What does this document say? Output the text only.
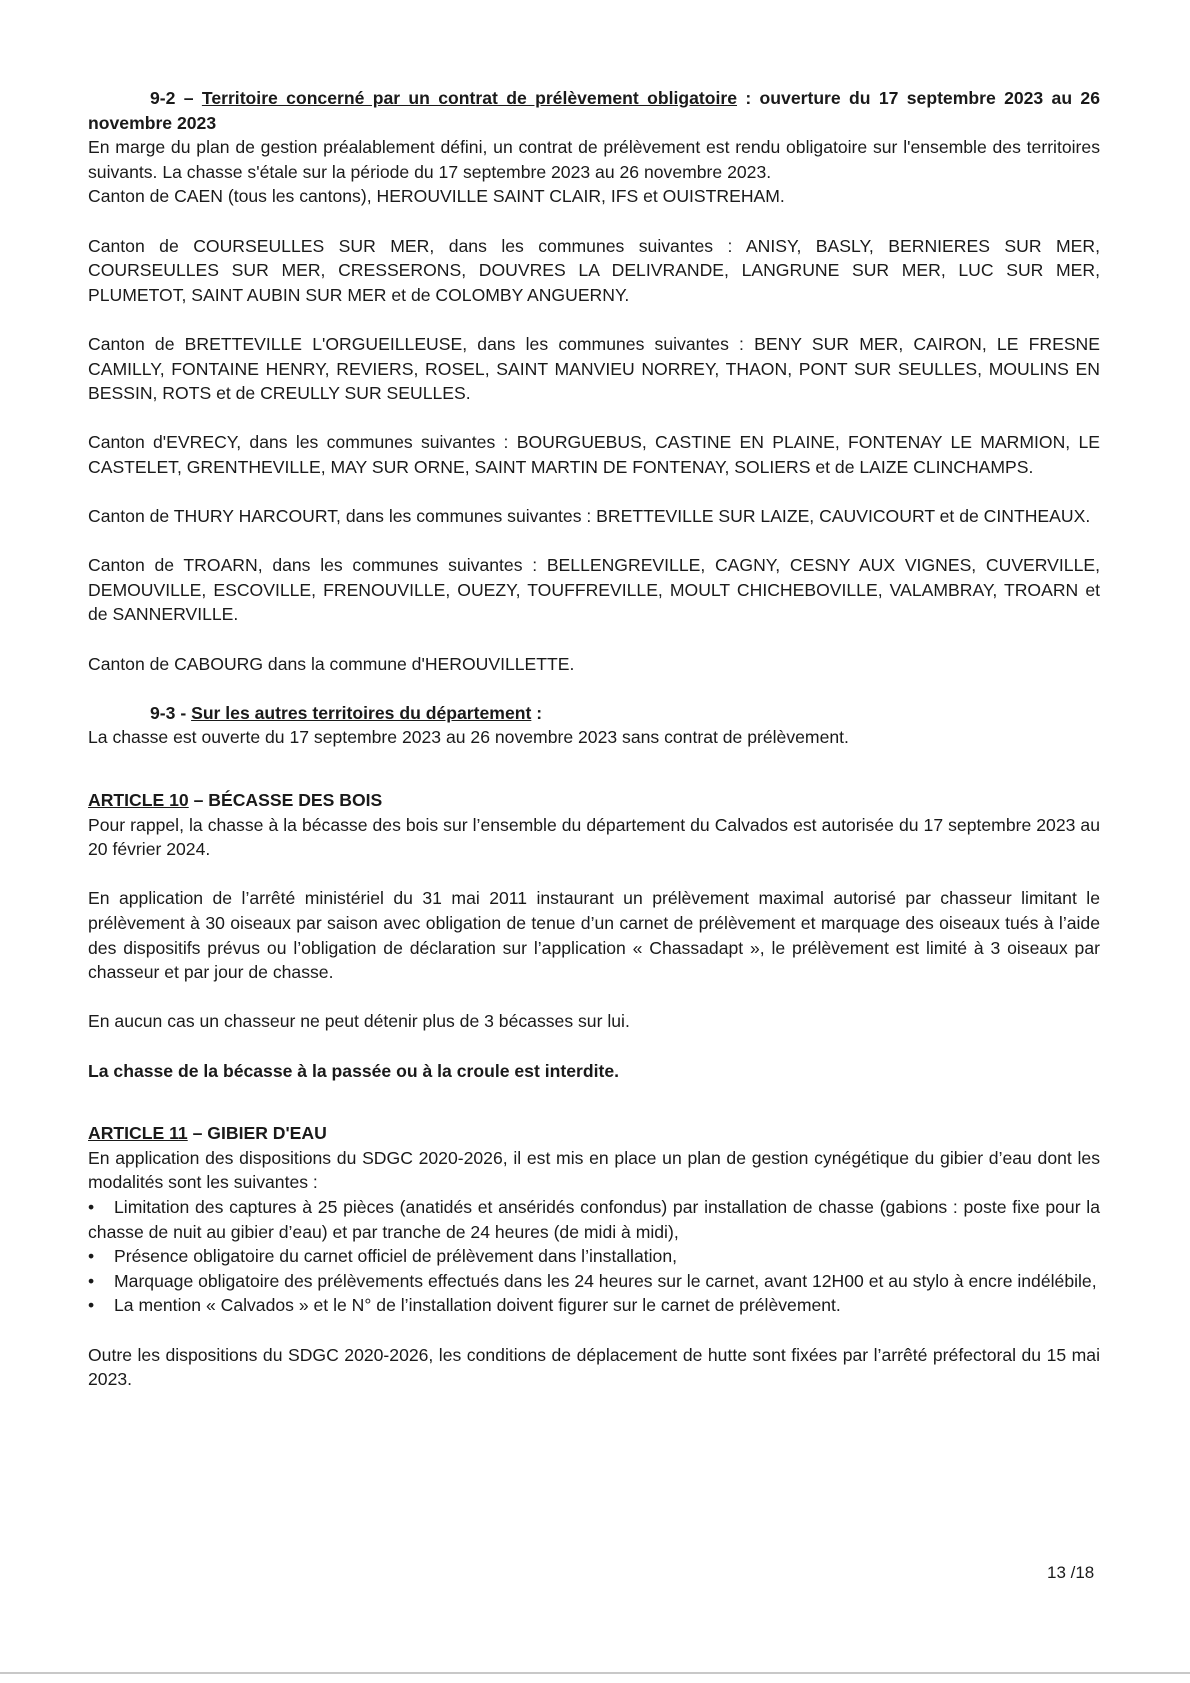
9-2 – Territoire concerné par un contrat de prélèvement obligatoire : ouverture du 17 septembre 2023 au 26 novembre 2023

En marge du plan de gestion préalablement défini, un contrat de prélèvement est rendu obligatoire sur l'ensemble des territoires suivants. La chasse s'étale sur la période du 17 septembre 2023 au 26 novembre 2023.

Canton de CAEN (tous les cantons), HEROUVILLE SAINT CLAIR, IFS et OUISTREHAM.

Canton de COURSEULLES SUR MER, dans les communes suivantes : ANISY, BASLY, BERNIERES SUR MER, COURSEULLES SUR MER, CRESSERONS, DOUVRES LA DELIVRANDE, LANGRUNE SUR MER, LUC SUR MER, PLUMETOT, SAINT AUBIN SUR MER et de COLOMBY ANGUERNY.

Canton de BRETTEVILLE L'ORGUEILLEUSE, dans les communes suivantes : BENY SUR MER, CAIRON, LE FRESNE CAMILLY, FONTAINE HENRY, REVIERS, ROSEL, SAINT MANVIEU NORREY, THAON, PONT SUR SEULLES, MOULINS EN BESSIN, ROTS et de CREULLY SUR SEULLES.

Canton d'EVRECY, dans les communes suivantes : BOURGUEBUS, CASTINE EN PLAINE, FONTENAY LE MARMION, LE CASTELET, GRENTHEVILLE, MAY SUR ORNE, SAINT MARTIN DE FONTENAY, SOLIERS et de LAIZE CLINCHAMPS.

Canton de THURY HARCOURT, dans les communes suivantes : BRETTEVILLE SUR LAIZE, CAUVICOURT et de CINTHEAUX.

Canton de TROARN, dans les communes suivantes : BELLENGREVILLE, CAGNY, CESNY AUX VIGNES, CUVERVILLE, DEMOUVILLE, ESCOVILLE, FRENOUVILLE, OUEZY, TOUFFREVILLE, MOULT CHICHEBOVILLE, VALAMBRAY, TROARN et de SANNERVILLE.

Canton de CABOURG dans la commune d'HEROUVILLETTE.

9-3 - Sur les autres territoires du département :

La chasse est ouverte du 17 septembre 2023 au 26 novembre 2023 sans contrat de prélèvement.

ARTICLE 10 – BÉCASSE DES BOIS

Pour rappel, la chasse à la bécasse des bois sur l’ensemble du département du Calvados est autorisée du 17 septembre 2023 au 20 février 2024.

En application de l’arrêté ministériel du 31 mai 2011 instaurant un prélèvement maximal autorisé par chasseur limitant le prélèvement à 30 oiseaux par saison avec obligation de tenue d’un carnet de prélèvement et marquage des oiseaux tués à l’aide des dispositifs prévus ou l’obligation de déclaration sur l’application « Chassadapt », le prélèvement est limité à 3 oiseaux par chasseur et par jour de chasse.

En aucun cas un chasseur ne peut détenir plus de 3 bécasses sur lui.

La chasse de la bécasse à la passée ou à la croule est interdite.

ARTICLE 11 – GIBIER D'EAU

En application des dispositions du SDGC 2020-2026, il est mis en place un plan de gestion cynégétique du gibier d’eau dont les modalités sont les suivantes :

• Limitation des captures à 25 pièces (anatidés et anséridés confondus) par installation de chasse (gabions : poste fixe pour la chasse de nuit au gibier d’eau) et par tranche de 24 heures (de midi à midi),

• Présence obligatoire du carnet officiel de prélèvement dans l’installation,

• Marquage obligatoire des prélèvements effectués dans les 24 heures sur le carnet, avant 12H00 et au stylo à encre indélébile,

• La mention « Calvados » et le N° de l’installation doivent figurer sur le carnet de prélèvement.

Outre les dispositions du SDGC 2020-2026, les conditions de déplacement de hutte sont fixées par l’arrêté préfectoral du 15 mai 2023.

13 /18
